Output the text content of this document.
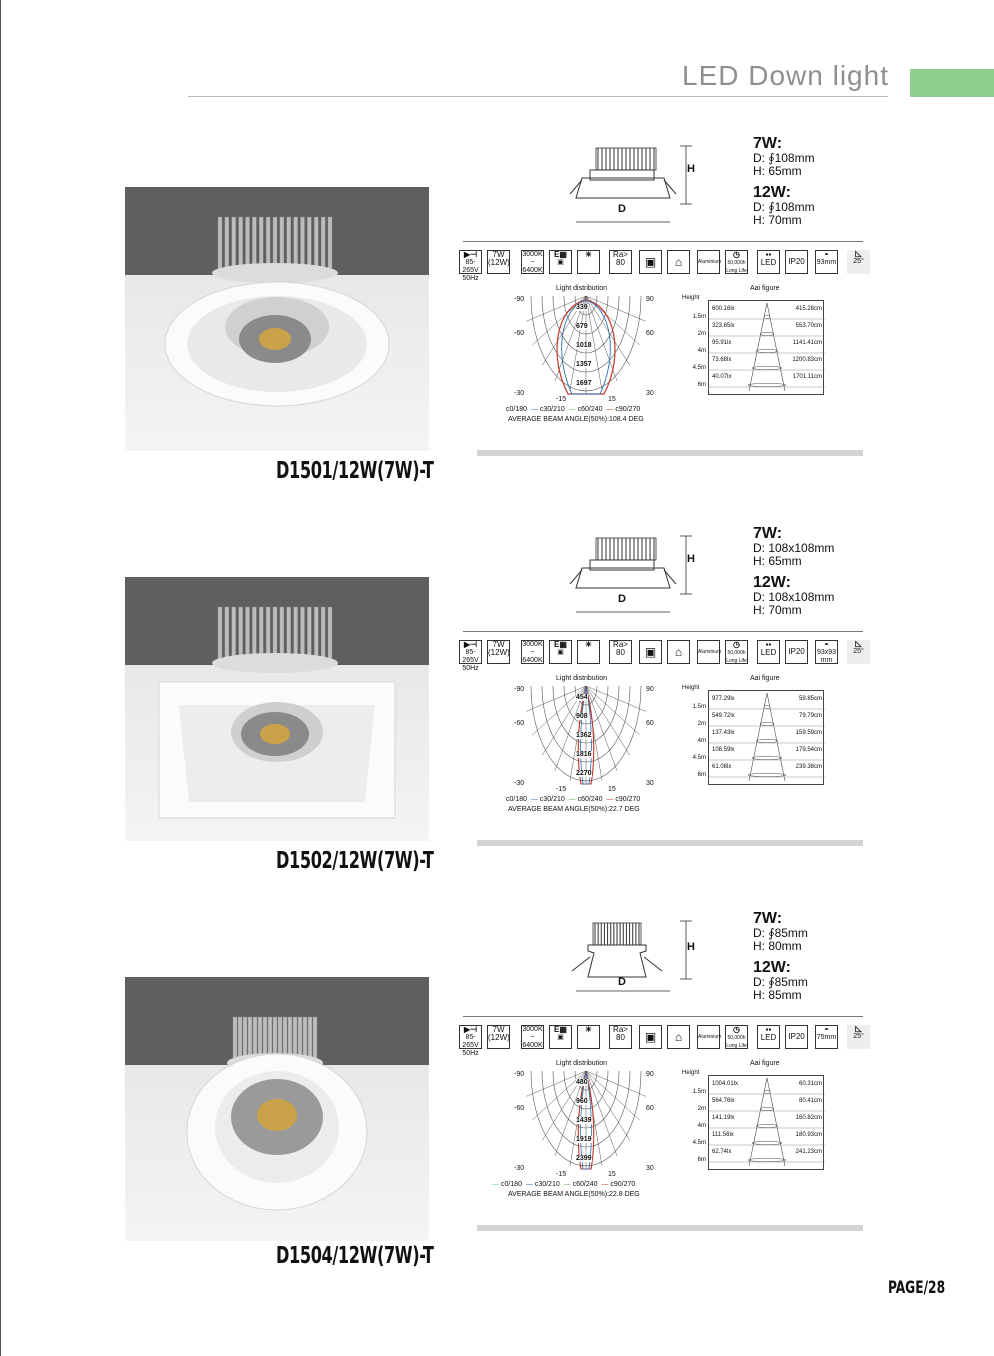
LED Down light
D1501/12W(7W)-T
H
D
7W:
D: ∮108mm
H: 65mm
12W:
D: ∮108mm
H: 70mm
▶⊣
85-265V 50Hz
7W
(12W)
3000K
~
6400K
E▦
▣
☀	Ra>
80	▣	⌂	Aluminium
◷
50,000h Long Life
▪▪
LED	IP20
◓
93mm
◺
25°
Light distribution	Aai figure
-90	90
-60	60
-30	30
-15	15
339
679
1018
1357
1697
c0/180 — c30/210 — c60/240 — c90/270
AVERAGE BEAM ANGLE(50%):108.4 DEG
Height
1.5m
600.16lx	415.28cm
2m
323.65lx	553.70cm
4m
95.91lx	1141.41cm
4.5m
73.68lx	1200.83cm
6m
40.07lx	1701.11cm
D1502/12W(7W)-T
H
D
7W:
D: 108x108mm
H: 65mm
12W:
D: 108x108mm
H: 70mm
▶⊣
85-265V 50Hz
7W
(12W)
3000K
~
6400K
E▦
▣
☀	Ra>
80	▣	⌂	Aluminium
◷
50,000h Long Life
▪▪
LED	IP20
◓
93x93 mm
◺
25°
Light distribution	Aai figure
-90	90
-60	60
-30	30
-15	15
454
908
1362
1816
2270
c0/180 — c30/210 — c60/240 — c90/270
AVERAGE BEAM ANGLE(50%):22.7 DEG
Height
1.5m
977.29lx	59.85cm
2m
549.72lx	79.79cm
4m
137.43lx	159.59cm
4.5m
108.59lx	179.54cm
6m
61.08lx	239.38cm
D1504/12W(7W)-T
H
D
7W:
D: ∮85mm
H: 80mm
12W:
D: ∮85mm
H: 85mm
▶⊣
85-265V 50Hz
7W
(12W)
3000K
~
6400K
E▦
▣
☀	Ra>
80	▣	⌂	Aluminium
◷
50,000h Long Life
▪▪
LED	IP20
◓
75mm
◺
25°
Light distribution	Aai figure
-90	90
-60	60
-30	30
-15	15
480
960
1439
1919
2399
— c0/180 — c30/210 — c60/240 — c90/270
AVERAGE BEAM ANGLE(50%):22.8 DEG
Height
1.5m
1004.01lx	60.31cm
2m
564.76lx	80.41cm
4m
141.19lx	160.82cm
4.5m
111.56lx	180.93cm
6m
62.74lx	241.23cm
PAGE/28
